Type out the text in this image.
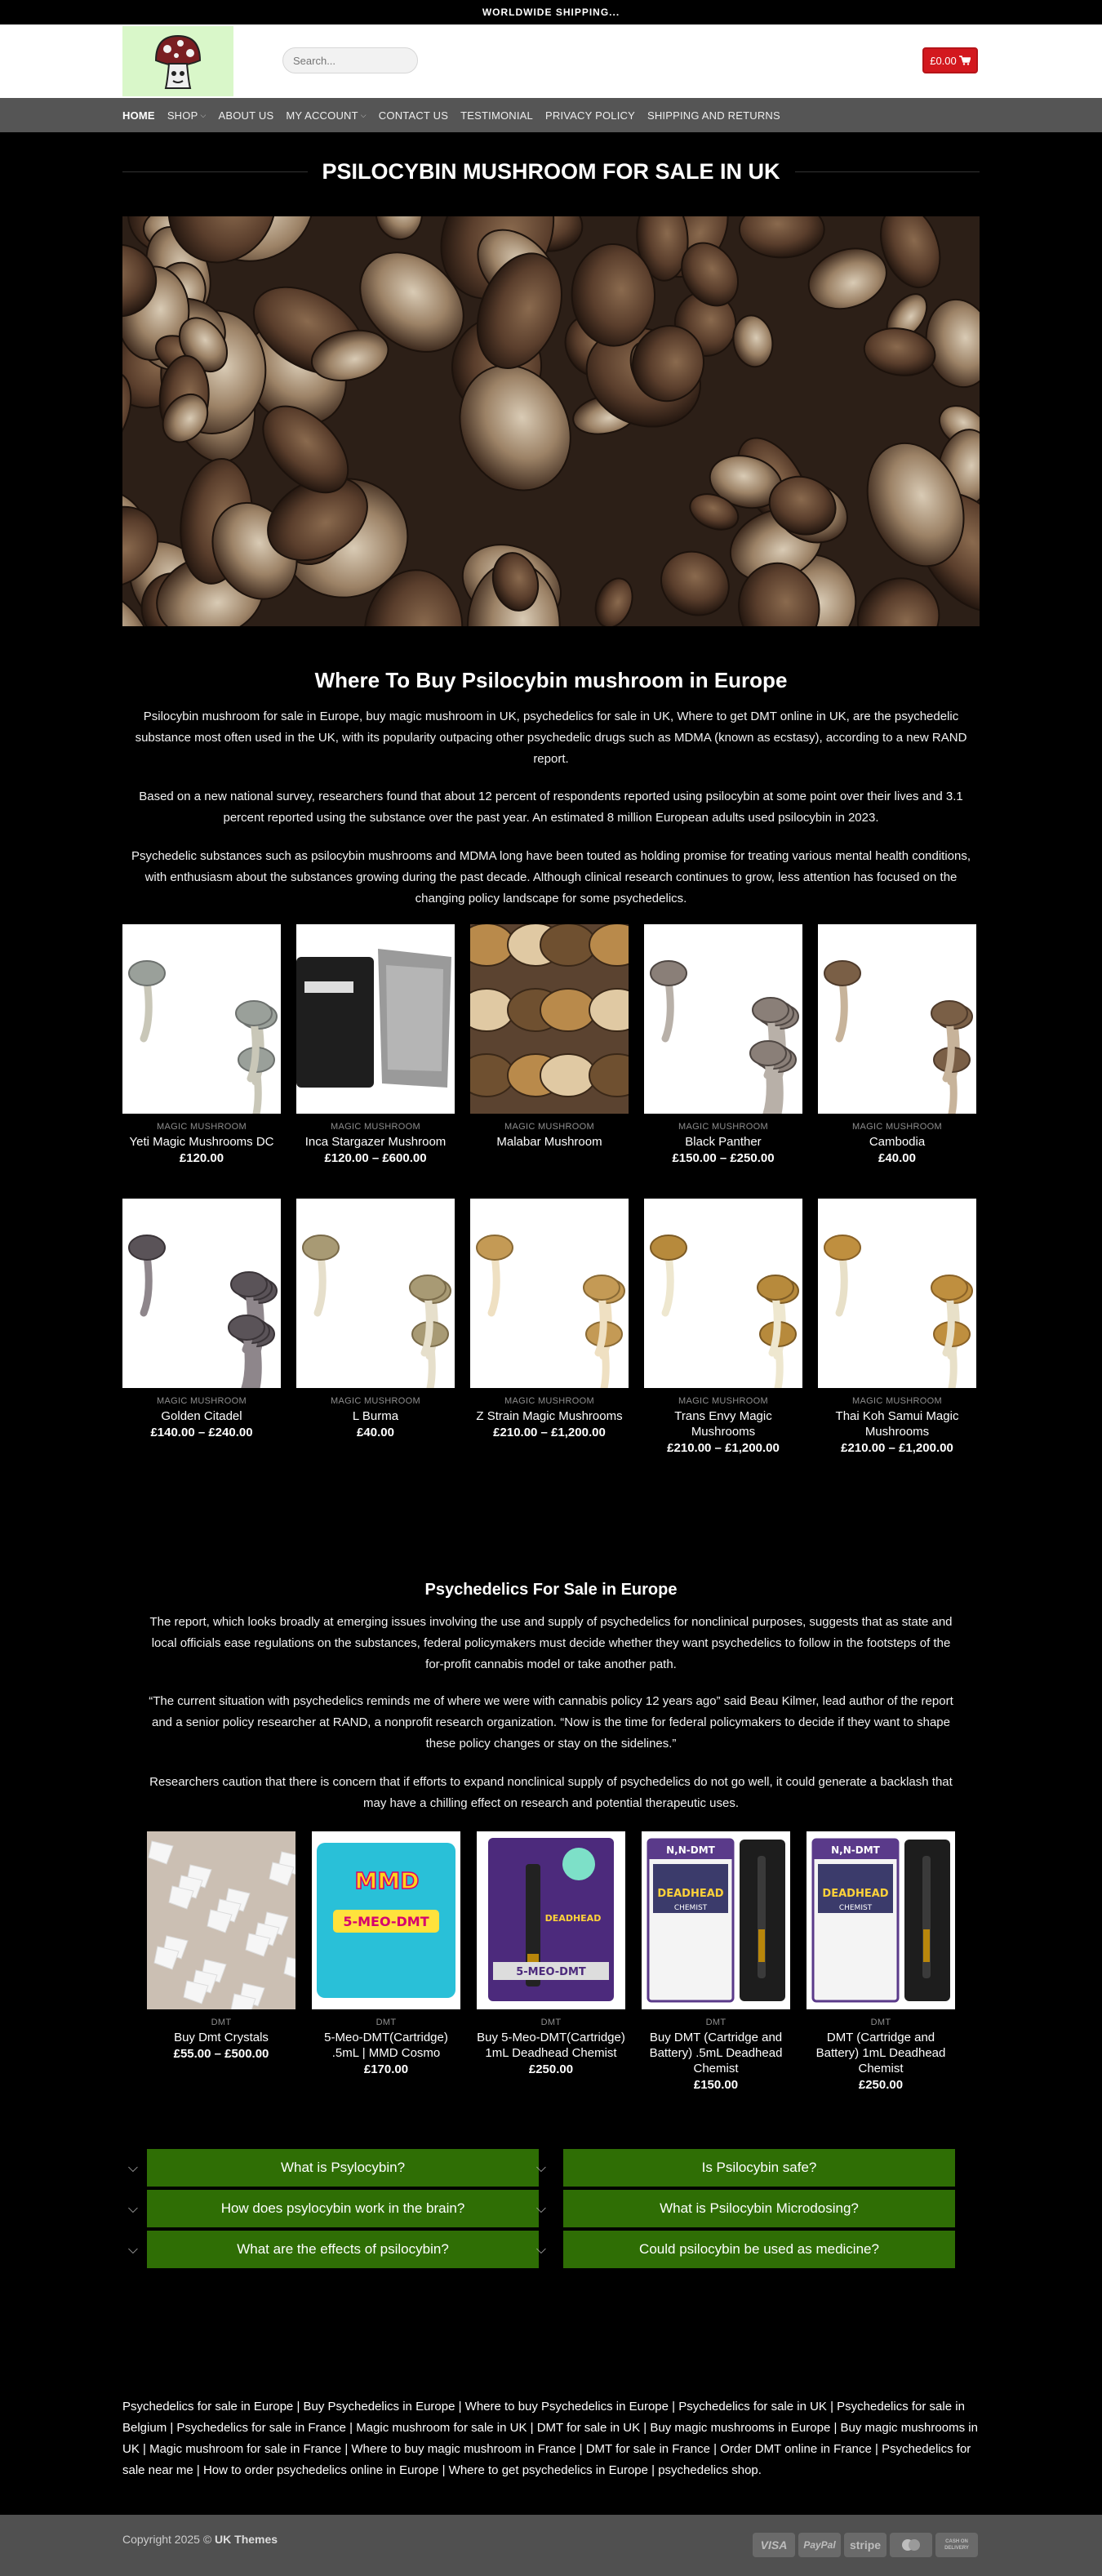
WORLDWIDE SHIPPING...
Search...
£0.00
HOME SHOP ⌵ ABOUT US MY ACCOUNT ⌵ CONTACT US TESTIMONIAL PRIVACY POLICY SHIPPING AND RETURNS
PSILOCYBIN MUSHROOM FOR SALE IN UK
Where To Buy Psilocybin mushroom in Europe

Psilocybin mushroom for sale in Europe, buy magic mushroom in UK, psychedelics for sale in UK, Where to get DMT online in UK, are the psychedelic substance most often used in the UK, with its popularity outpacing other psychedelic drugs such as MDMA (known as ecstasy), according to a new RAND report.

Based on a new national survey, researchers found that about 12 percent of respondents reported using psilocybin at some point over their lives and 3.1 percent reported using the substance over the past year. An estimated 8 million European adults used psilocybin in 2023.

Psychedelic substances such as psilocybin mushrooms and MDMA long have been touted as holding promise for treating various mental health conditions, with enthusiasm about the substances growing during the past decade. Although clinical research continues to grow, less attention has focused on the changing policy landscape for some psychedelics.

MAGIC MUSHROOM
Yeti Magic Mushrooms DC
£120.00
MAGIC MUSHROOM
Inca Stargazer Mushroom
£120.00 – £600.00
MAGIC MUSHROOM
Malabar Mushroom
MAGIC MUSHROOM
Black Panther
£150.00 – £250.00
MAGIC MUSHROOM
Cambodia
£40.00
MAGIC MUSHROOM
Golden Citadel
£140.00 – £240.00
MAGIC MUSHROOM
L Burma
£40.00
MAGIC MUSHROOM
Z Strain Magic Mushrooms
£210.00 – £1,200.00
MAGIC MUSHROOM
Trans Envy Magic Mushrooms
£210.00 – £1,200.00
MAGIC MUSHROOM
Thai Koh Samui Magic Mushrooms
£210.00 – £1,200.00
Psychedelics For Sale in Europe

The report, which looks broadly at emerging issues involving the use and supply of psychedelics for nonclinical purposes, suggests that as state and local officials ease regulations on the substances, federal policymakers must decide whether they want psychedelics to follow in the footsteps of the for-profit cannabis model or take another path.

“The current situation with psychedelics reminds me of where we were with cannabis policy 12 years ago” said Beau Kilmer, lead author of the report and a senior policy researcher at RAND, a nonprofit research organization. “Now is the time for federal policymakers to decide if they want to shape these policy changes or stay on the sidelines.”

Researchers caution that there is concern that if efforts to expand nonclinical supply of psychedelics do not go well, it could generate a backlash that may have a chilling effect on research and potential therapeutic uses.

DMT
Buy Dmt Crystals
£55.00 – £500.00
MMD
5-MEO-DMT
DMT
5-Meo-DMT(Cartridge) .5mL | MMD Cosmo
£170.00
DEADHEAD
5-MEO-DMT
DMT
Buy 5-Meo-DMT(Cartridge) 1mL Deadhead Chemist
£250.00
N,N-DMT
DEADHEAD
CHEMIST
DMT
Buy DMT (Cartridge and Battery) .5mL Deadhead Chemist
£150.00
N,N-DMT
DEADHEAD
CHEMIST
DMT
DMT (Cartridge and Battery) 1mL Deadhead Chemist
£250.00
⌵	What is Psylocybin?
⌵	How does psylocybin work in the brain?
⌵	What are the effects of psilocybin?
⌵	Is Psilocybin safe?
⌵	What is Psilocybin Microdosing?
⌵	Could psilocybin be used as medicine?

Psychedelics for sale in Europe | Buy Psychedelics in Europe | Where to buy Psychedelics in Europe | Psychedelics for sale in UK | Psychedelics for sale in Belgium | Psychedelics for sale in France | Magic mushroom for sale in UK | DMT for sale in UK | Buy magic mushrooms in Europe | Buy magic mushrooms in UK | Magic mushroom for sale in France | Where to buy magic mushroom in France | DMT for sale in France | Order DMT online in France | Psychedelics for sale near me | How to order psychedelics online in Europe | Where to get psychedelics in Europe | psychedelics shop.

Copyright 2025 © UK Themes	VISA	PayPal	stripe	CASH ON DELIVERY
